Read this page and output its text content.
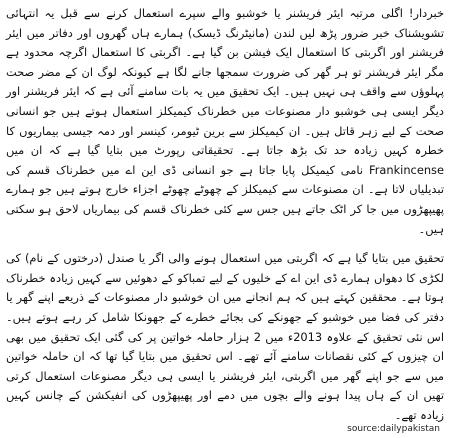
خبردار! اگلی مرتبہ ایئر فریشنر یا خوشبو والے سپرے استعمال کرنے سے قبل یہ انتہائی تشویشناک خبر ضرور پڑھ لیں لندن (مانیٹرنگ ڈیسک) ہمارے ہاں گھروں اور دفاتر میں ایئر فریشنر اور اگربتی کا استعمال ایک فیشن بن گیا ہے۔ اگربتی کا استعمال اگرچہ محدود ہے مگر ایئر فریشنر تو ہر گھر کی ضرورت سمجھا جانے لگا ہے کیونکہ لوگ ان کے مضر صحت پہلوؤں سے واقف ہی نہیں ہیں۔ ایک تحقیق میں یہ بات سامنے آئی ہے کہ ایئر فریشنر اور دیگر ایسی ہی خوشبو دار مصنوعات میں خطرناک کیمیکلز استعمال ہوتے ہیں جو انسانی صحت کے لیے زہر قاتل ہیں۔ ان کیمیکلز سے برین ٹیومر، کینسر اور دمہ جیسی بیماریوں کا خطرہ کہیں زیادہ حد تک بڑھ جاتا ہے۔ تحقیقاتی رپورٹ میں بتایا گیا ہے کہ ان میں Frankincense نامی کیمیکل پایا جاتا ہے جو انسانی ڈی این اے میں خطرناک قسم کی تبدیلیاں لاتا ہے۔ ان مصنوعات سے کیمیکلز کے چھوٹے چھوٹے اجزاء خارج ہوتے ہیں جو ہمارے پھیپھڑوں میں جا کر اٹک جاتے ہیں جس سے کئی خطرناک قسم کی بیماریاں لاحق ہو سکتی ہیں۔

تحقیق میں بتایا گیا ہے کہ اگربتی میں استعمال ہونے والی اگر یا صندل (درختوں کے نام) کی لکڑی کا دھواں ہمارے ڈی این اے کے خلیوں کے لیے تمباکو کے دھوئیں سے کہیں زیادہ خطرناک ہوتا ہے۔ محققین کہتے ہیں کہ ہم انجانے میں ان خوشبو دار مصنوعات کے ذریعے اپنے گھر یا دفتر کی فضا میں خوشبو کے جھونکے کی بجائے خطرے کے جھونکا شامل کر رہے ہوتے ہیں۔ اس نئی تحقیق کے علاوہ 2013ء میں 2 ہزار حاملہ خواتین پر کی گئی ایک تحقیق میں بھی ان چیزوں کے کئی نقصانات سامنے آئے تھے۔ اس تحقیق میں بتایا گیا تھا کہ ان حاملہ خواتین میں سے جو اپنے گھر میں اگربتی، ایئر فریشنر یا ایسی ہی دیگر مصنوعات استعمال کرتی تھیں ان کے ہاں پیدا ہونے والے بچوں میں دمے اور پھیپھڑوں کی انفیکشن کے چانس کہیں زیادہ تھے۔

source:dailypakistan
